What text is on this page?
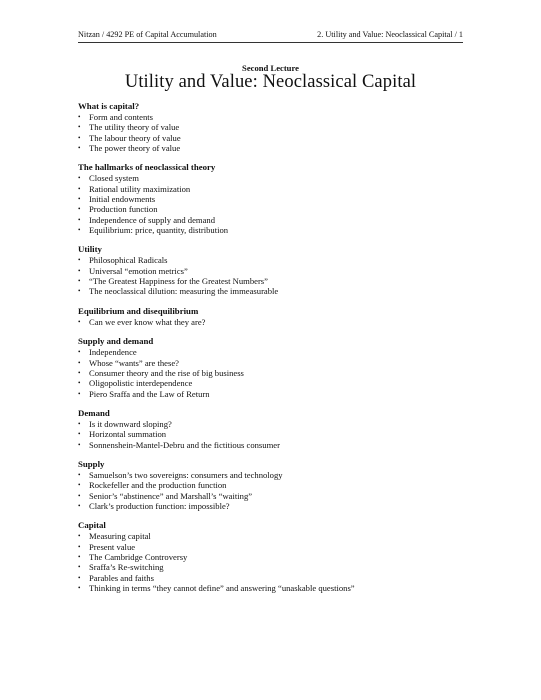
Nitzan / 4292 PE of Capital Accumulation	2. Utility and Value: Neoclassical Capital / 1
Second Lecture
Utility and Value: Neoclassical Capital
What is capital?
• Form and contents
• The utility theory of value
• The labour theory of value
• The power theory of value
The hallmarks of neoclassical theory
• Closed system
• Rational utility maximization
• Initial endowments
• Production function
• Independence of supply and demand
• Equilibrium: price, quantity, distribution
Utility
• Philosophical Radicals
• Universal “emotion metrics”
• “The Greatest Happiness for the Greatest Numbers”
• The neoclassical dilution: measuring the immeasurable
Equilibrium and disequilibrium
• Can we ever know what they are?
Supply and demand
• Independence
• Whose “wants” are these?
• Consumer theory and the rise of big business
• Oligopolistic interdependence
• Piero Sraffa and the Law of Return
Demand
• Is it downward sloping?
• Horizontal summation
• Sonnenshein-Mantel-Debru and the fictitious consumer
Supply
• Samuelson’s two sovereigns: consumers and technology
• Rockefeller and the production function
• Senior’s “abstinence” and Marshall’s “waiting”
• Clark’s production function: impossible?
Capital
• Measuring capital
• Present value
• The Cambridge Controversy
• Sraffa’s Re-switching
• Parables and faiths
• Thinking in terms “they cannot define” and answering “unaskable questions”
